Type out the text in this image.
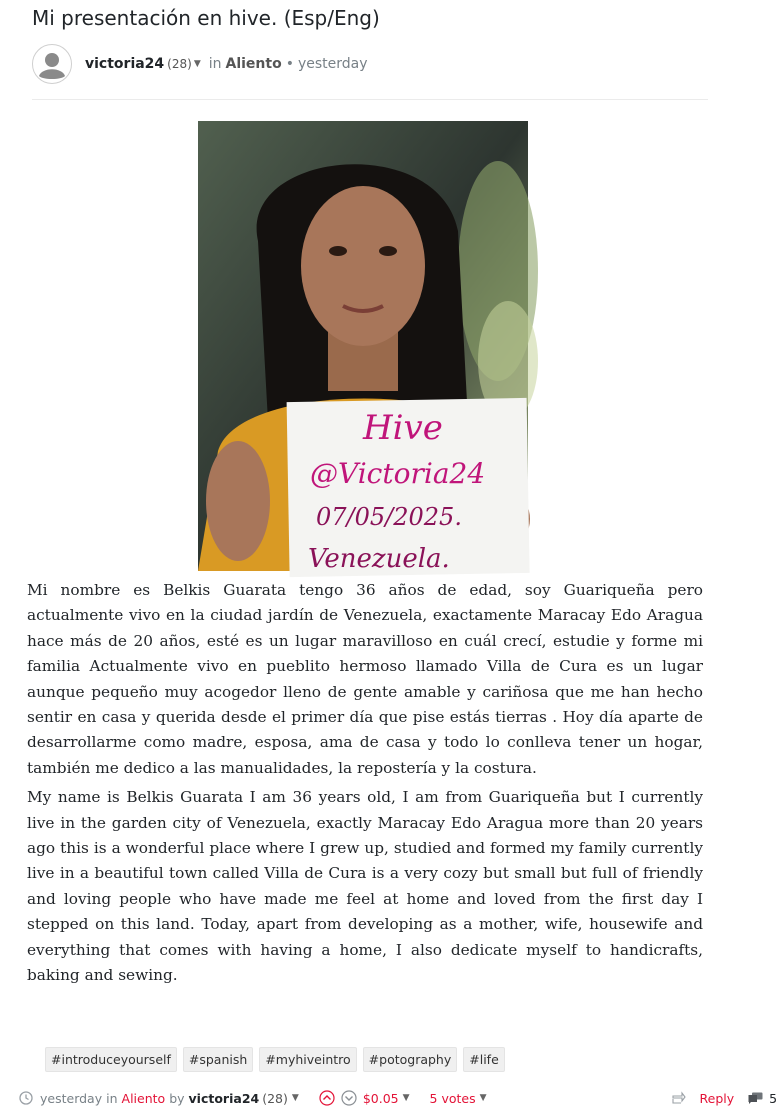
Mi presentación en hive. (Esp/Eng)
victoria24 (28) ▼ in Aliento • yesterday
Hive
@Victoria24
07/05/2025.
Venezuela.

Mi nombre es Belkis Guarata tengo 36 años de edad, soy Guariqueña pero actualmente vivo en la ciudad jardín de Venezuela, exactamente Maracay Edo Aragua hace más de 20 años, esté es un lugar maravilloso en cuál crecí, estudie y forme mi familia Actualmente vivo en pueblito hermoso llamado Villa de Cura es un lugar aunque pequeño muy acogedor lleno de gente amable y cariñosa que me han hecho sentir en casa y querida desde el primer día que pise estás tierras . Hoy día aparte de desarrollarme como madre, esposa, ama de casa y todo lo conlleva tener un hogar, también me dedico a las manualidades, la repostería y la costura.

My name is Belkis Guarata I am 36 years old, I am from Guariqueña but I currently live in the garden city of Venezuela, exactly Maracay Edo Aragua more than 20 years ago this is a wonderful place where I grew up, studied and formed my family currently live in a beautiful town called Villa de Cura is a very cozy but small but full of friendly and loving people who have made me feel at home and loved from the first day I stepped on this land. Today, apart from developing as a mother, wife, housewife and everything that comes with having a home, I also dedicate myself to handicrafts, baking and sewing.

#introduceyourself	#spanish	#myhiveintro	#potography	#life
yesterday in Aliento by victoria24 (28) ▼	$0.05 ▼ 5 votes ▼	Reply	5
